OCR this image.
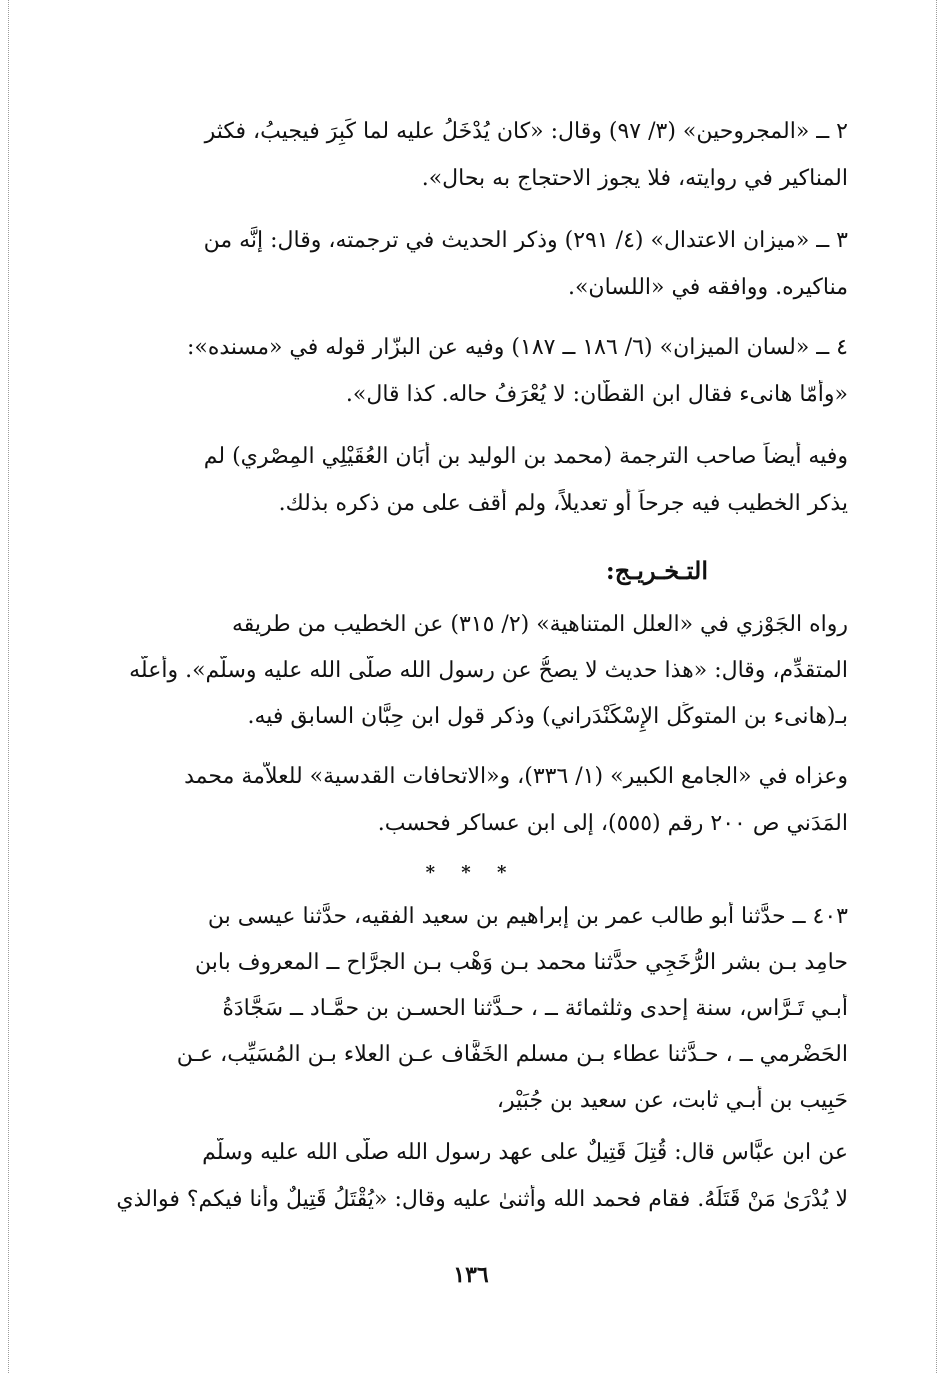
٢ ــ «المجروحين» (٣/ ٩٧) وقال: «كان يُدْخَلُ عليه لما كَبِرَ فيجيبُ، فكثر
المناكير في روايته، فلا يجوز الاحتجاج به بحال».
٣ ــ «ميزان الاعتدال» (٤/ ٢٩١) وذكر الحديث في ترجمته، وقال: إنَّه من
مناكيره. ووافقه في «اللسان».
٤ ــ «لسان الميزان» (٦/ ١٨٦ ــ ١٨٧) وفيه عن البزّار قوله في «مسنده»:
«وأمّا هانىء فقال ابن القطّان: لا يُعْرَفُ حاله. كذا قال».
وفيه أيضاً صاحب الترجمة (محمد بن الوليد بن أَبَان العُقَيْلِي المِصْري) لم
يذكر الخطيب فيه جرحاً أو تعديلاً، ولم أقف على من ذكره بذلك.
التـخـريـج:
رواه الجَوْزي في «العلل المتناهية» (٢/ ٣١٥) عن الخطيب من طريقه
المتقدِّم، وقال: «هذا حديث لا يصحُّ عن رسول الله صلَّى الله عليه وسلَّم». وأعلَّه
بـ(هانىء بن المتوكِّل الإِسْكَنْدَراني) وذكر قول ابن حِبَّان السابق فيه.
وعزاه في «الجامع الكبير» (١/ ٣٣٦)، و«الاتحافات القدسية» للعلاّمة محمد
المَدَني ص ٢٠٠ رقم (٥٥٥)، إلى ابن عساكر فحسب.
* * *
٤٠٣ ــ حدَّثنا أبو طالب عمر بن إبراهيم بن سعيد الفقيه، حدَّثنا عيسى بن
حامِد بـن بشر الرُّخَجِي حدَّثنا محمد بـن وَهْب بـن الجرَّاح ــ المعروف بابن
أبـي تَـرَّاس، سنة إحدى وثلثمائة ــ ، حـدَّثنا الحسـن بن حمَّـاد ــ سَجَّادَةُ
الحَضْرمي ــ ، حـدَّثنا عطاء بـن مسلم الخَفَّاف عـن العلاء بـن المُسَيِّب، عـن
حَبِيب بن أبـي ثابت، عن سعيد بن جُبَيْر،
عن ابن عبَّاس قال: قُتِلَ قَتِيلٌ على عهد رسول الله صلَّى الله عليه وسلَّم
لا يُدْرَىٰ مَنْ قَتَلَهُ. فقام فحمد الله وأثنىٰ عليه وقال: «يُقْتَلُ قَتِيلٌ وأنا فيكم؟ فوالذي
١٣٦
